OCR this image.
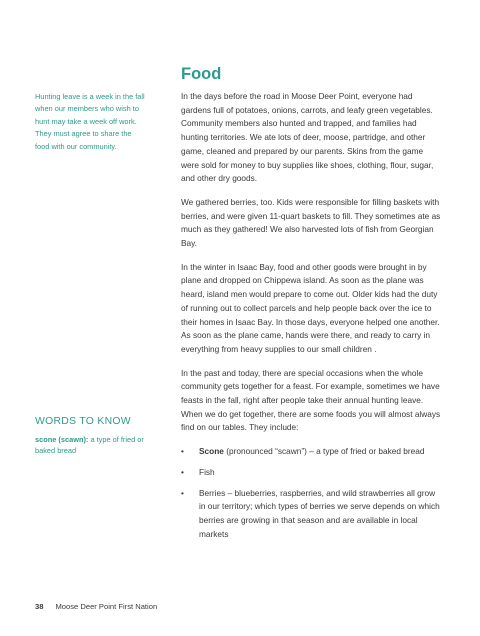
Hunting leave is a week in the fall when our members who wish to hunt may take a week off work. They must agree to share the food with our community.
WORDS TO KNOW
scone (scawn): a type of fried or baked bread
Food

In the days before the road in Moose Deer Point, everyone had gardens full of potatoes, onions, carrots, and leafy green vegetables. Community members also hunted and trapped, and families had hunting territories. We ate lots of deer, moose, partridge, and other game, cleaned and prepared by our parents. Skins from the game were sold for money to buy supplies like shoes, clothing, flour, sugar, and other dry goods.

We gathered berries, too. Kids were responsible for filling baskets with berries, and were given 11-quart baskets to fill. They sometimes ate as much as they gathered! We also harvested lots of fish from Georgian Bay.

In the winter in Isaac Bay, food and other goods were brought in by plane and dropped on Chippewa island. As soon as the plane was heard, island men would prepare to come out. Older kids had the duty of running out to collect parcels and help people back over the ice to their homes in Isaac Bay. In those days, everyone helped one another. As soon as the plane came, hands were there, and ready to carry in everything from heavy supplies to our small children .

In the past and today, there are special occasions when the whole community gets together for a feast. For example, sometimes we have feasts in the fall, right after people take their annual hunting leave. When we do get together, there are some foods you will almost always find on our tables. They include:

• Scone (pronounced “scawn”) – a type of fried or baked bread
• Fish
• Berries – blueberries, raspberries, and wild strawberries all grow in our territory; which types of berries we serve depends on which berries are growing in that season and are available in local markets
38 Moose Deer Point First Nation
